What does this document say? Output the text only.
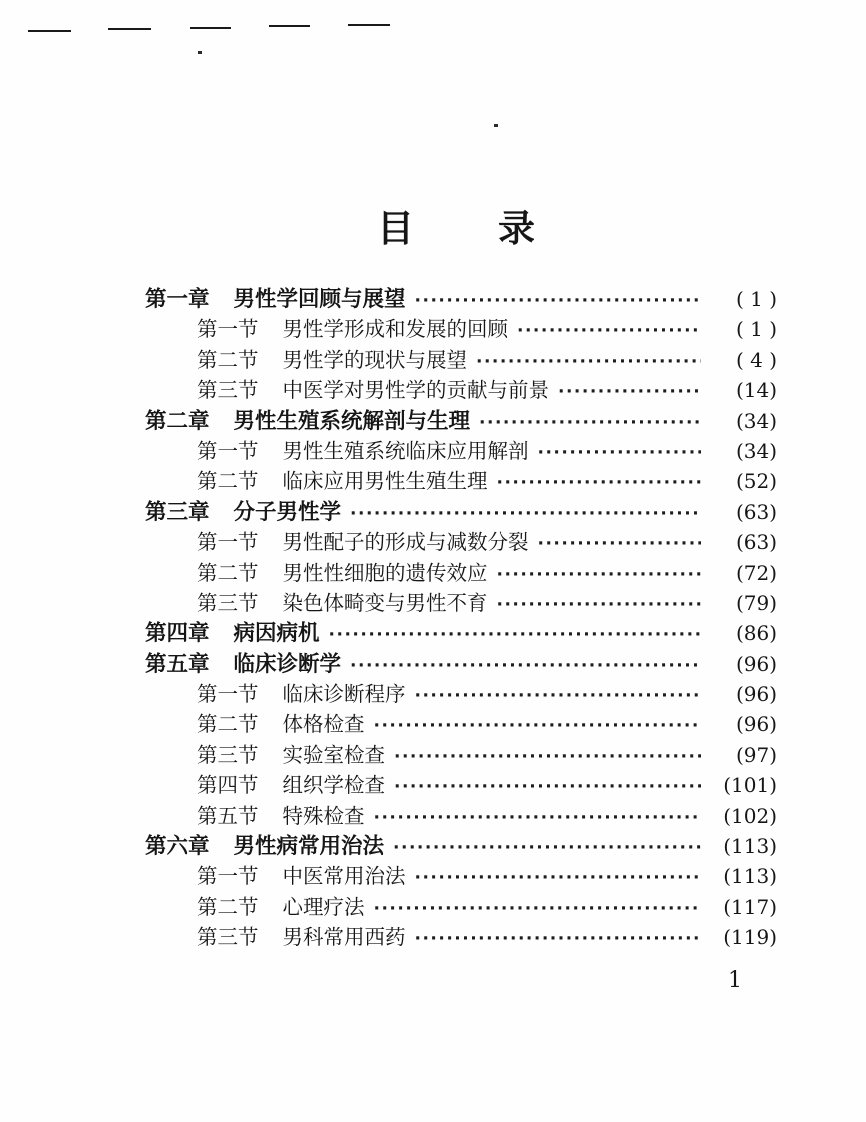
目 录
第一章 男性学回顾与展望 ·····	( 1 )
第一节 男性学形成和发展的回顾 ·····	( 1 )
第二节 男性学的现状与展望 ·····	( 4 )
第三节 中医学对男性学的贡献与前景 ·····	(14)
第二章 男性生殖系统解剖与生理 ·····	(34)
第一节 男性生殖系统临床应用解剖 ·····	(34)
第二节 临床应用男性生殖生理 ·····	(52)
第三章 分子男性学 ·····	(63)
第一节 男性配子的形成与减数分裂 ·····	(63)
第二节 男性性细胞的遗传效应 ·····	(72)
第三节 染色体畸变与男性不育 ·····	(79)
第四章 病因病机 ·····	(86)
第五章 临床诊断学 ·····	(96)
第一节 临床诊断程序 ·····	(96)
第二节 体格检查 ·····	(96)
第三节 实验室检查 ·····	(97)
第四节 组织学检查 ·····	(101)
第五节 特殊检查 ·····	(102)
第六章 男性病常用治法 ·····	(113)
第一节 中医常用治法 ·····	(113)
第二节 心理疗法 ·····	(117)
第三节 男科常用西药 ·····	(119)
1
